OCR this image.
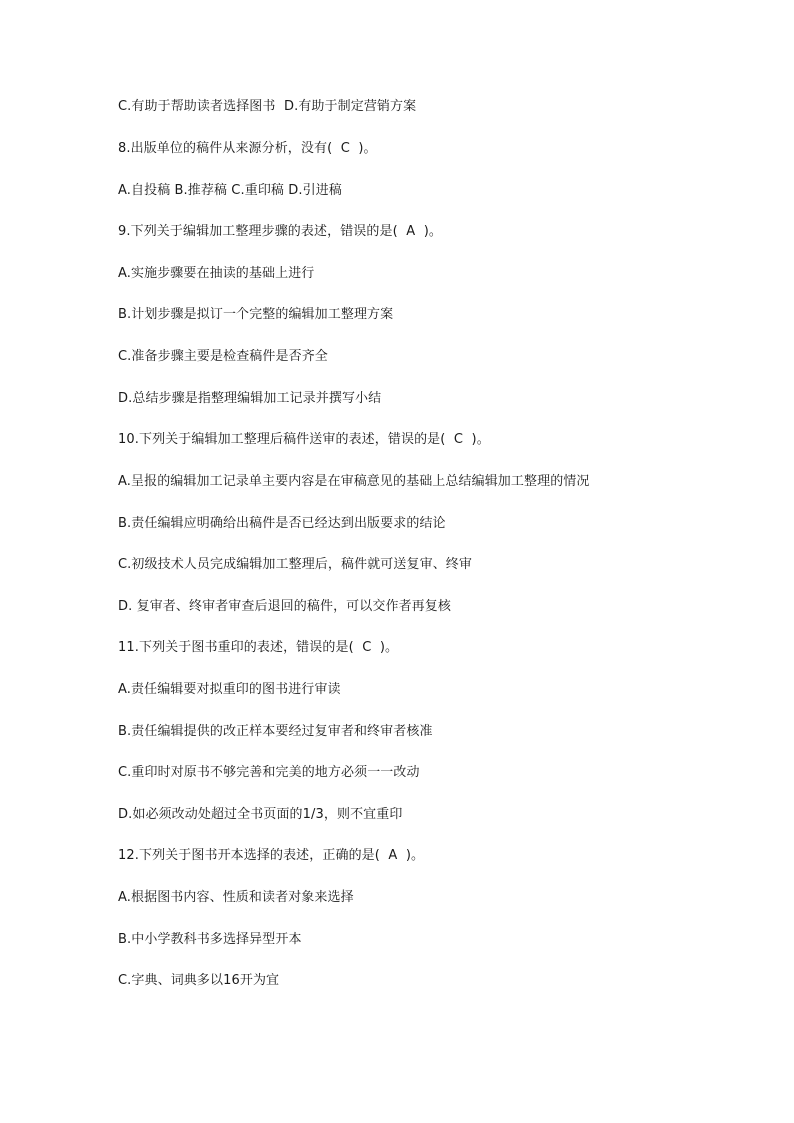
C.有助于帮助读者选择图书  D.有助于制定营销方案
8.出版单位的稿件从来源分析，没有(  C  )。
A.自投稿 B.推荐稿 C.重印稿 D.引进稿
9.下列关于编辑加工整理步骤的表述，错误的是(  A  )。
A.实施步骤要在抽读的基础上进行
B.计划步骤是拟订一个完整的编辑加工整理方案
C.准备步骤主要是检查稿件是否齐全
D.总结步骤是指整理编辑加工记录并撰写小结
10.下列关于编辑加工整理后稿件送审的表述，错误的是(  C  )。
A.呈报的编辑加工记录单主要内容是在审稿意见的基础上总结编辑加工整理的情况
B.责任编辑应明确给出稿件是否已经达到出版要求的结论
C.初级技术人员完成编辑加工整理后，稿件就可送复审、终审
D. 复审者、终审者审查后退回的稿件，可以交作者再复核
11.下列关于图书重印的表述，错误的是(  C  )。
A.责任编辑要对拟重印的图书进行审读
B.责任编辑提供的改正样本要经过复审者和终审者核准
C.重印时对原书不够完善和完美的地方必须一一改动
D.如必须改动处超过全书页面的1/3，则不宜重印
12.下列关于图书开本选择的表述，正确的是(  A  )。
A.根据图书内容、性质和读者对象来选择
B.中小学教科书多选择异型开本
C.字典、词典多以16开为宜
